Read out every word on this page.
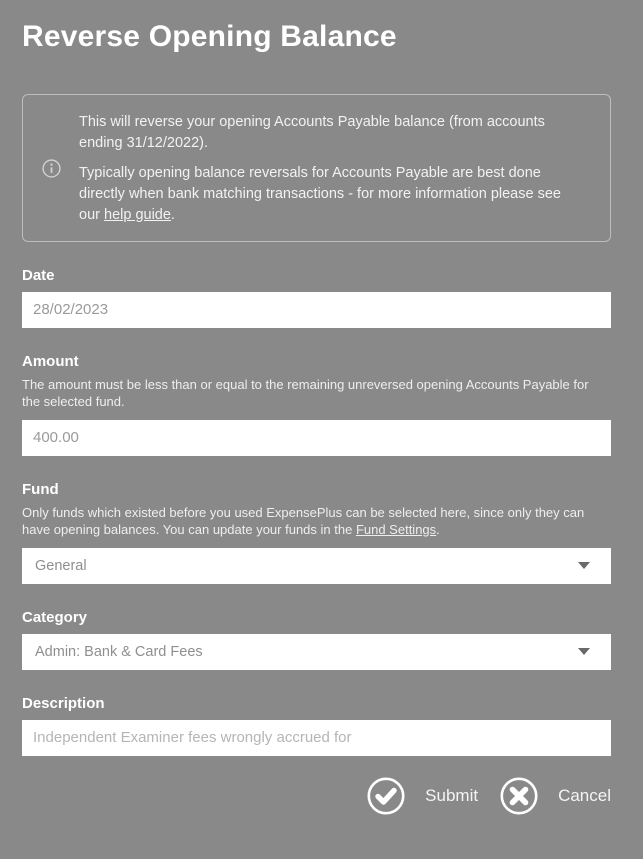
Reverse Opening Balance

This will reverse your opening Accounts Payable balance (from accounts ending 31/12/2022).

Typically opening balance reversals for Accounts Payable are best done directly when bank matching transactions - for more information please see our help guide.

Date
28/02/2023
Amount
The amount must be less than or equal to the remaining unreversed opening Accounts Payable for the selected fund.
400.00
Fund
Only funds which existed before you used ExpensePlus can be selected here, since only they can have opening balances. You can update your funds in the Fund Settings.
General
Category
Admin: Bank & Card Fees
Description
Independent Examiner fees wrongly accrued for
Submit	Cancel
